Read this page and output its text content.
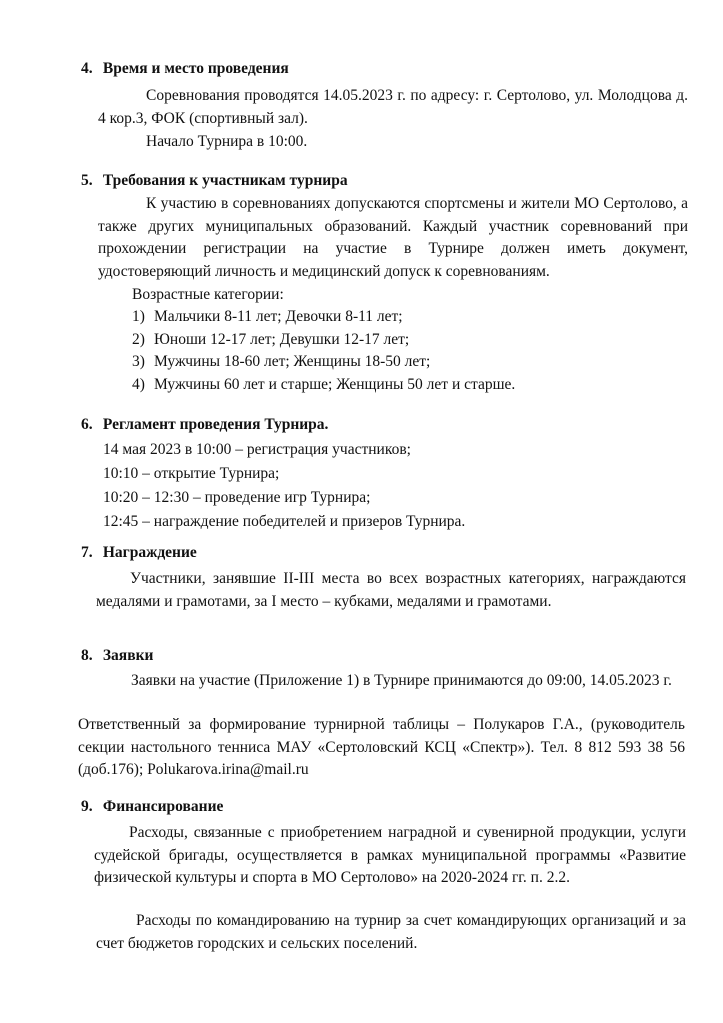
4. Время и место проведения
Соревнования проводятся 14.05.2023 г. по адресу: г. Сертолово, ул. Молодцова д. 4 кор.3, ФОК (спортивный зал).
Начало Турнира в 10:00.
5. Требования к участникам турнира
К участию в соревнованиях допускаются спортсмены и жители МО Сертолово, а также других муниципальных образований. Каждый участник соревнований при прохождении регистрации на участие в Турнире должен иметь документ, удостоверяющий личность и медицинский допуск к соревнованиям.
Возрастные категории:
1) Мальчики 8-11 лет; Девочки 8-11 лет;
2) Юноши 12-17 лет; Девушки 12-17 лет;
3) Мужчины 18-60 лет; Женщины 18-50 лет;
4) Мужчины 60 лет и старше; Женщины 50 лет и старше.
6. Регламент проведения Турнира.
14 мая 2023 в 10:00 – регистрация участников;
10:10 – открытие Турнира;
10:20 – 12:30 – проведение игр Турнира;
12:45 – награждение победителей и призеров Турнира.
7. Награждение
Участники, занявшие II-III места во всех возрастных категориях, награждаются медалями и грамотами, за I место – кубками, медалями и грамотами.
8. Заявки
Заявки на участие (Приложение 1) в Турнире принимаются до 09:00, 14.05.2023 г.
Ответственный за формирование турнирной таблицы – Полукаров Г.А., (руководитель секции настольного тенниса МАУ «Сертоловский КСЦ «Спектр»). Тел. 8 812 593 38 56 (доб.176); Polukarova.irina@mail.ru
9. Финансирование
Расходы, связанные с приобретением наградной и сувенирной продукции, услуги судейской бригады, осуществляется в рамках муниципальной программы «Развитие физической культуры и спорта в МО Сертолово» на 2020-2024 гг. п. 2.2.
Расходы по командированию на турнир за счет командирующих организаций и за счет бюджетов городских и сельских поселений.
